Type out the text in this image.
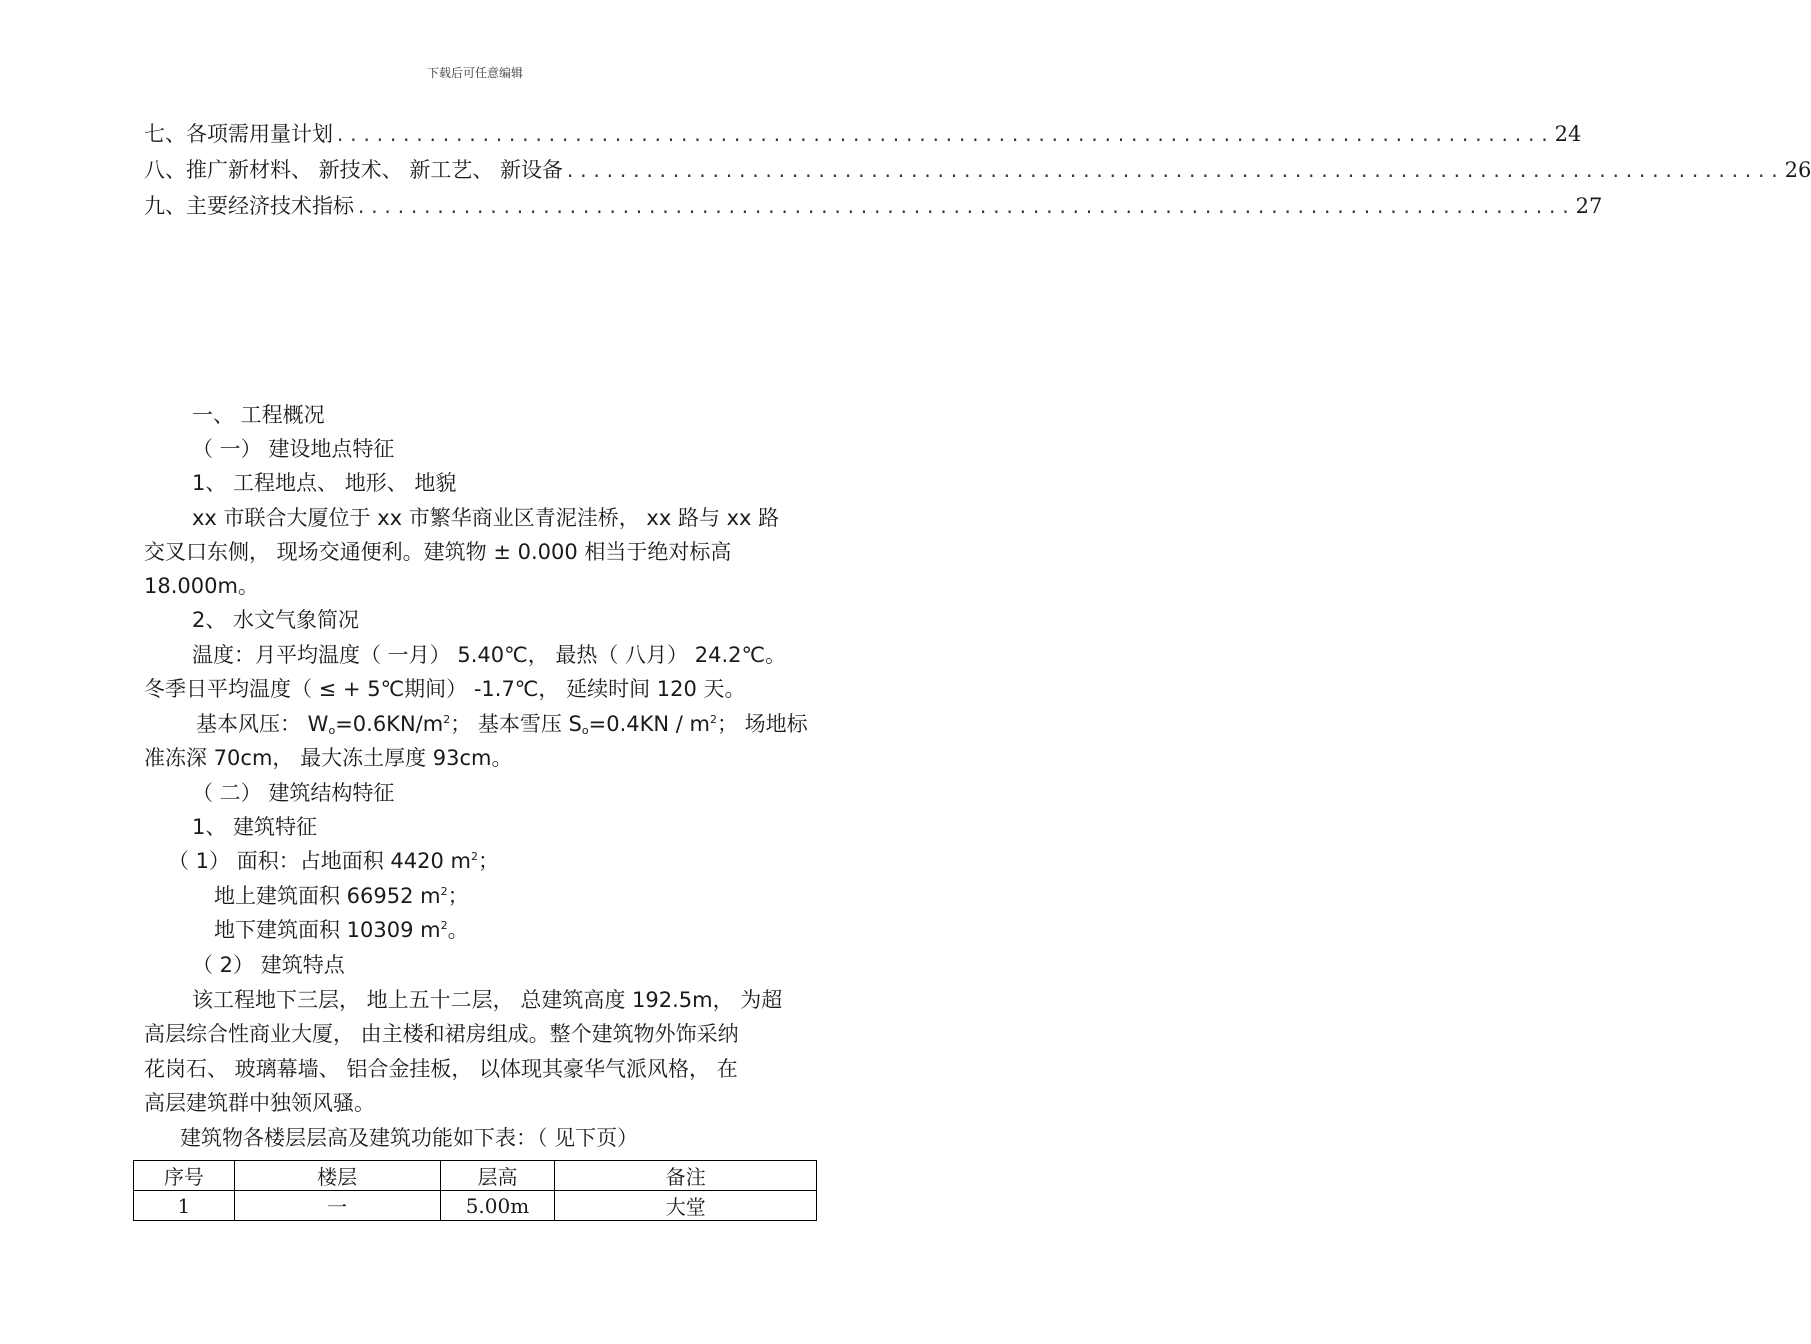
下载后可任意编辑
七、 各项需用量计划 ............................................................................................ 24
八、 推广新材料、 新技术、 新工艺、 新设备 ............................................................................................ 26
九、 主要经济技术指标 ............................................................................................ 27
一、 工程概况
（ 一） 建设地点特征
1、 工程地点、 地形、 地貌
xx 市联合大厦位于 xx 市繁华商业区青泥洼桥， xx 路与 xx 路
交叉口东侧， 现场交通便利。建筑物 ± 0.000 相当于绝对标高
18.000m。
2、 水文气象简况
温度：月平均温度（ 一月） 5.40℃， 最热（ 八月） 24.2℃。
冬季日平均温度（ ≤ + 5℃期间） -1.7℃， 延续时间 120 天。
基本风压： $W_o=0.6KN/m^2$； 基本雪压 $S_o=0.4KN / m^2$； 场地标
准冻深 70cm， 最大冻土厚度 93cm。
（ 二） 建筑结构特征
1、 建筑特征
（ 1） 面积：占地面积 4420 $m^2$；
地上建筑面积 66952 $m^2$；
地下建筑面积 10309 $m^2$。
（ 2） 建筑特点
该工程地下三层， 地上五十二层， 总建筑高度 192.5m， 为超
高层综合性商业大厦， 由主楼和裙房组成。整个建筑物外饰采纳
花岗石、 玻璃幕墙、 铝合金挂板， 以体现其豪华气派风格， 在
高层建筑群中独领风骚。
建筑物各楼层层高及建筑功能如下表：（ 见下页）
序号	楼层	层高	备注
1	一	5.00m	大堂
